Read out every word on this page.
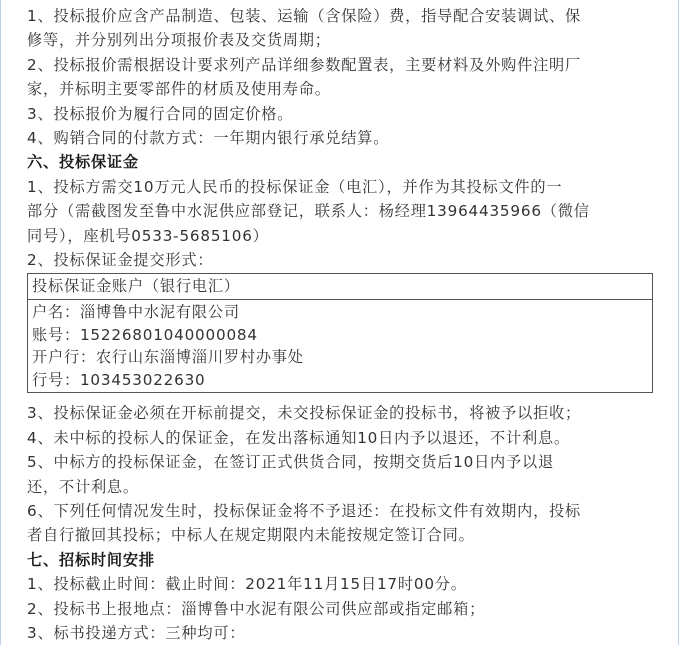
1、投标报价应含产品制造、包装、运输（含保险）费，指导配合安装调试、保
修等，并分别列出分项报价表及交货周期；
2、投标报价需根据设计要求列产品详细参数配置表，主要材料及外购件注明厂
家，并标明主要零部件的材质及使用寿命。
3、投标报价为履行合同的固定价格。
4、购销合同的付款方式：一年期内银行承兑结算。
六、投标保证金
1、投标方需交10万元人民币的投标保证金（电汇），并作为其投标文件的一
部分（需截图发至鲁中水泥供应部登记，联系人：杨经理13964435966（微信
同号），座机号0533-5685106）
2、投标保证金提交形式：
投标保证金账户（银行电汇）

户名：淄博鲁中水泥有限公司
账号：15226801040000084
开户行：农行山东淄博淄川罗村办事处
行号：103453022630
3、投标保证金必须在开标前提交，未交投标保证金的投标书，将被予以拒收；
4、未中标的投标人的保证金，在发出落标通知10日内予以退还，不计利息。
5、中标方的投标保证金，在签订正式供货合同，按期交货后10日内予以退
还，不计利息。
6、下列任何情况发生时，投标保证金将不予退还：在投标文件有效期内，投标
者自行撤回其投标；中标人在规定期限内未能按规定签订合同。
七、招标时间安排
1、投标截止时间：截止时间：2021年11月15日17时00分。
2、投标书上报地点：淄博鲁中水泥有限公司供应部或指定邮箱；
3、标书投递方式：三种均可：
